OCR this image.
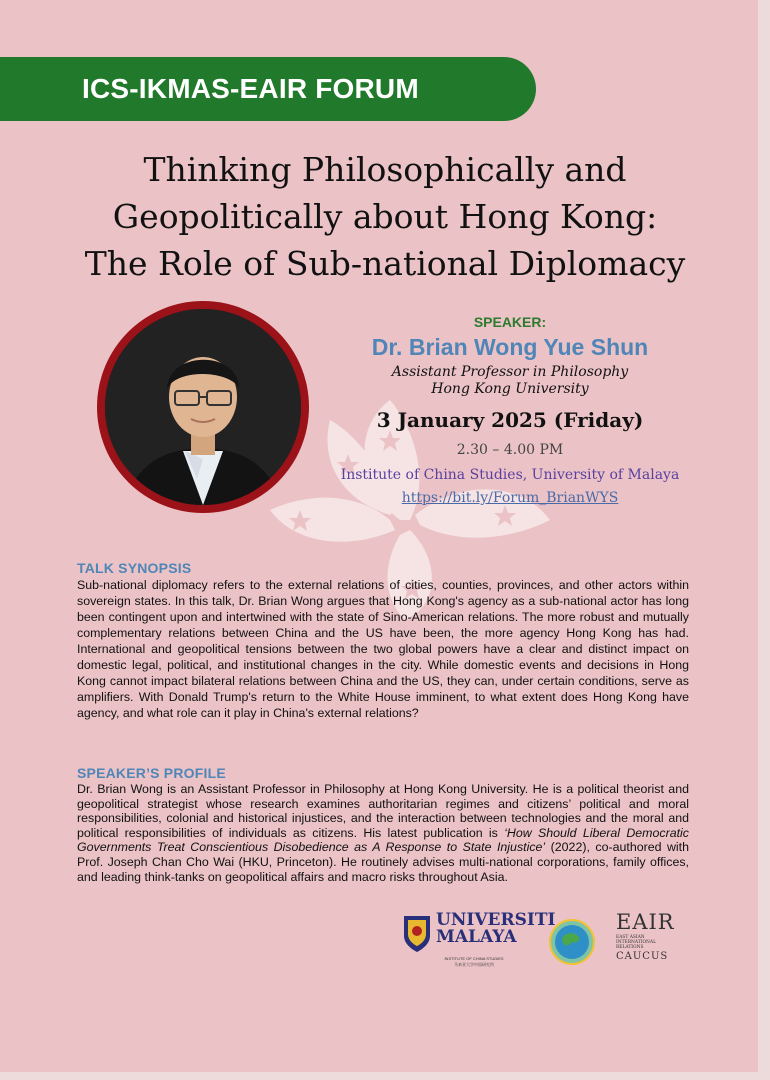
ICS-IKMAS-EAIR FORUM
Thinking Philosophically and
Geopolitically about Hong Kong:
The Role of Sub-national Diplomacy
SPEAKER:
Dr. Brian Wong Yue Shun
Assistant Professor in Philosophy
Hong Kong University
3 January 2025 (Friday)
2.30 – 4.00 PM
Institute of China Studies, University of Malaya
https://bit.ly/Forum_BrianWYS
TALK SYNOPSIS

Sub-national diplomacy refers to the external relations of cities, counties, provinces, and other actors within sovereign states. In this talk, Dr. Brian Wong argues that Hong Kong's agency as a sub-national actor has long been contingent upon and intertwined with the state of Sino-American relations. The more robust and mutually complementary relations between China and the US have been, the more agency Hong Kong has had. International and geopolitical tensions between the two global powers have a clear and distinct impact on domestic legal, political, and institutional changes in the city. While domestic events and decisions in Hong Kong cannot impact bilateral relations between China and the US, they can, under certain conditions, serve as amplifiers. With Donald Trump's return to the White House imminent, to what extent does Hong Kong have agency, and what role can it play in China's external relations?

SPEAKER’S PROFILE

Dr. Brian Wong is an Assistant Professor in Philosophy at Hong Kong University. He is a political theorist and geopolitical strategist whose research examines authoritarian regimes and citizens’ political and moral responsibilities, colonial and historical injustices, and the interaction between technologies and the moral and political responsibilities of individuals as citizens. His latest publication is ‘How Should Liberal Democratic Governments Treat Conscientious Disobedience as A Response to State Injustice’ (2022), co-authored with Prof. Joseph Chan Cho Wai (HKU, Princeton). He routinely advises multi-national corporations, family offices, and leading think-tanks on geopolitical affairs and macro risks throughout Asia.

UNIVERSITI
MALAYA
INSTITUTE OF CHINA STUDIES
马来亚大学中国研究所
EAIR
EAST ASIAN
INTERNATIONAL
RELATIONS
CAUCUS
